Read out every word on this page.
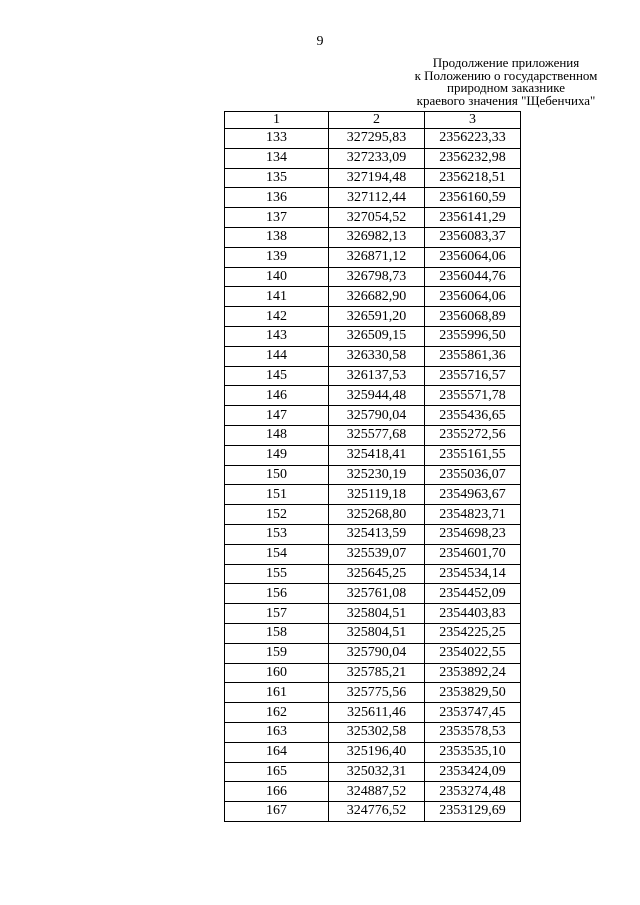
9
Продолжение приложения
к Положению о государственном
природном заказнике
краевого значения "Щебенчиха"
1	2	3
133	327295,83	2356223,33
134	327233,09	2356232,98
135	327194,48	2356218,51
136	327112,44	2356160,59
137	327054,52	2356141,29
138	326982,13	2356083,37
139	326871,12	2356064,06
140	326798,73	2356044,76
141	326682,90	2356064,06
142	326591,20	2356068,89
143	326509,15	2355996,50
144	326330,58	2355861,36
145	326137,53	2355716,57
146	325944,48	2355571,78
147	325790,04	2355436,65
148	325577,68	2355272,56
149	325418,41	2355161,55
150	325230,19	2355036,07
151	325119,18	2354963,67
152	325268,80	2354823,71
153	325413,59	2354698,23
154	325539,07	2354601,70
155	325645,25	2354534,14
156	325761,08	2354452,09
157	325804,51	2354403,83
158	325804,51	2354225,25
159	325790,04	2354022,55
160	325785,21	2353892,24
161	325775,56	2353829,50
162	325611,46	2353747,45
163	325302,58	2353578,53
164	325196,40	2353535,10
165	325032,31	2353424,09
166	324887,52	2353274,48
167	324776,52	2353129,69
